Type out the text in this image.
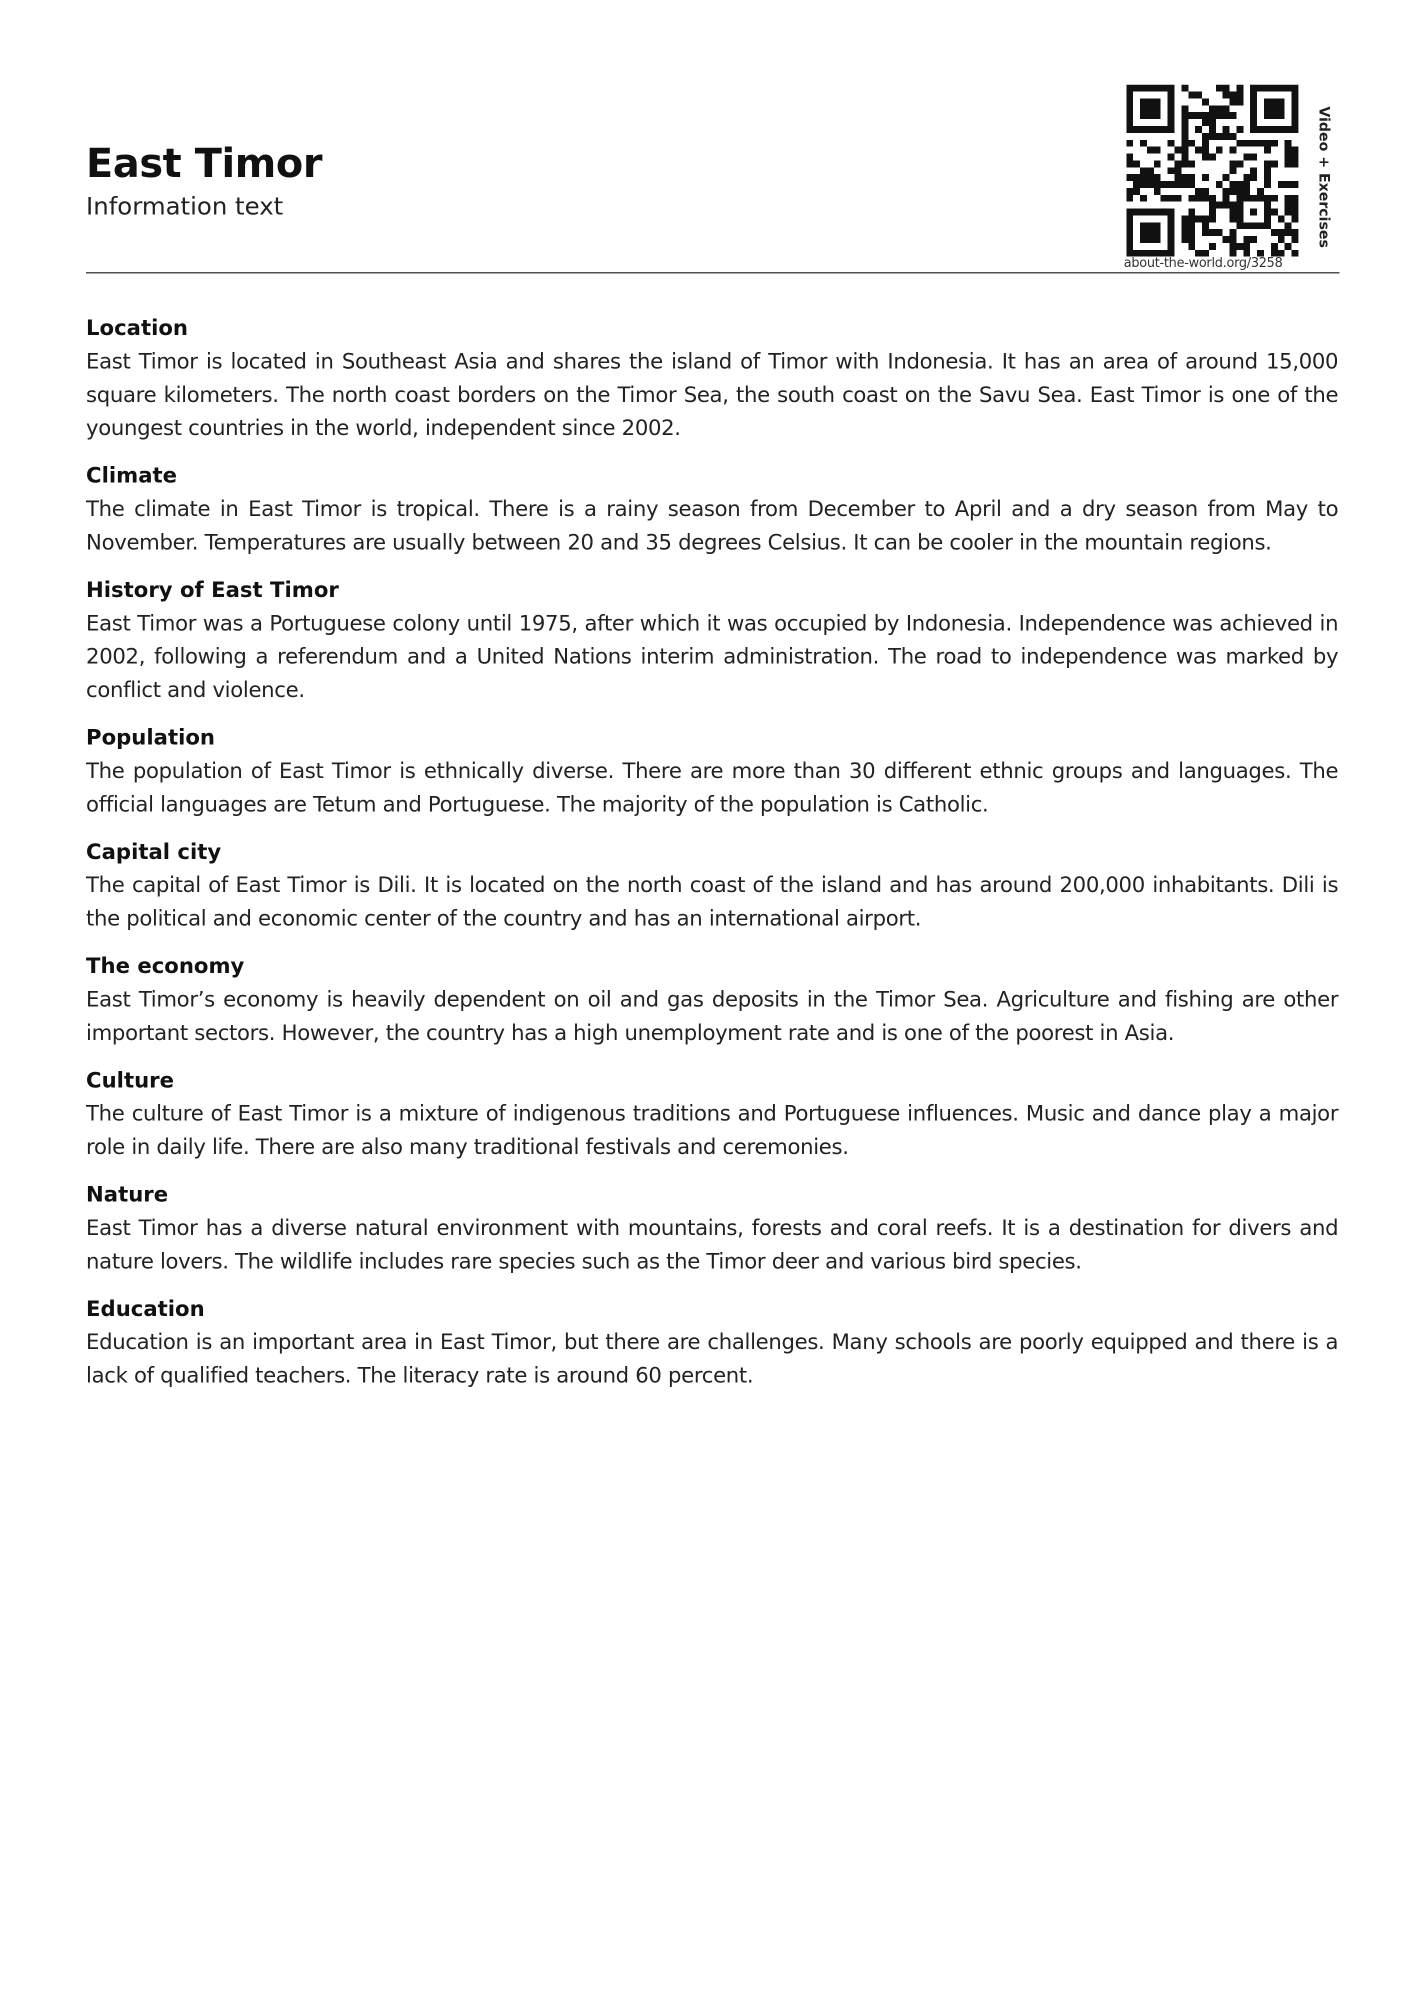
East Timor
Information text
about-the-world.org/3258
Video + Exercises
Location

East Timor is located in Southeast Asia and shares the island of Timor with Indonesia. It has an area of around 15,000 square kilometers. The north coast borders on the Timor Sea, the south coast on the Savu Sea. East Timor is one of the youngest countries in the world, independent since 2002.

Climate

The climate in East Timor is tropical. There is a rainy season from December to April and a dry season from May to November. Temperatures are usually between 20 and 35 degrees Celsius. It can be cooler in the mountain regions.

History of East Timor

East Timor was a Portuguese colony until 1975, after which it was occupied by Indonesia. Independence was achieved in 2002, following a referendum and a United Nations interim administration. The road to independence was marked by conflict and violence.

Population

The population of East Timor is ethnically diverse. There are more than 30 different ethnic groups and languages. The official languages are Tetum and Portuguese. The majority of the population is Catholic.

Capital city

The capital of East Timor is Dili. It is located on the north coast of the island and has around 200,000 inhabitants. Dili is the political and economic center of the country and has an international airport.

The economy

East Timor’s economy is heavily dependent on oil and gas deposits in the Timor Sea. Agriculture and fishing are other important sectors. However, the country has a high unemployment rate and is one of the poorest in Asia.

Culture

The culture of East Timor is a mixture of indigenous traditions and Portuguese influences. Music and dance play a major role in daily life. There are also many traditional festivals and ceremonies.

Nature

East Timor has a diverse natural environment with mountains, forests and coral reefs. It is a destination for divers and nature lovers. The wildlife includes rare species such as the Timor deer and various bird species.

Education

Education is an important area in East Timor, but there are challenges. Many schools are poorly equipped and there is a lack of qualified teachers. The literacy rate is around 60 percent.
